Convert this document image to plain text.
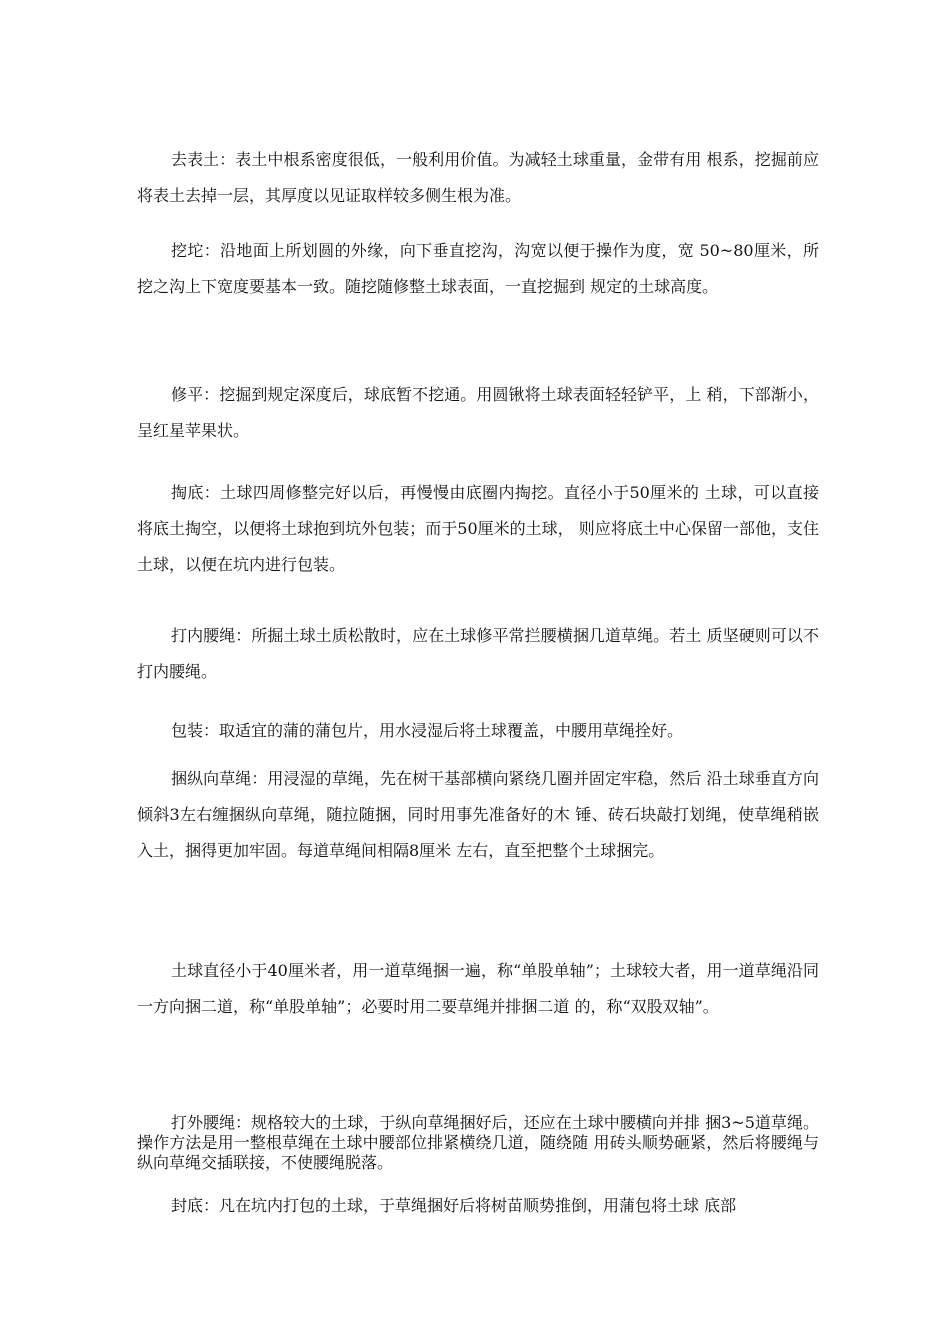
去表土：表土中根系密度很低，一般利用价值。为减轻土球重量，金带有用 根系，挖掘前应将表土去掉一层，其厚度以见证取样较多侧生根为准。

挖坨：沿地面上所划圆的外缘，向下垂直挖沟，沟宽以便于操作为度，宽 50~80厘米，所挖之沟上下宽度要基本一致。随挖随修整土球表面，一直挖掘到 规定的土球高度。

修平：挖掘到规定深度后，球底暂不挖通。用圆锹将土球表面轻轻铲平，上 稍，下部渐小，呈红星苹果状。

掏底：土球四周修整完好以后，再慢慢由底圈内掏挖。直径小于50厘米的 土球，可以直接将底土掏空，以便将土球抱到坑外包装；而于50厘米的土球， 则应将底土中心保留一部他，支住土球，以便在坑内进行包装。

打内腰绳：所掘土球土质松散时，应在土球修平常拦腰横捆几道草绳。若土 质坚硬则可以不打内腰绳。

包装：取适宜的蒲的蒲包片，用水浸湿后将土球覆盖，中腰用草绳拴好。

捆纵向草绳：用浸湿的草绳，先在树干基部横向紧绕几圈并固定牢稳，然后 沿土球垂直方向倾斜3左右缠捆纵向草绳，随拉随捆，同时用事先准备好的木 锤、砖石块敲打划绳，使草绳稍嵌入土，捆得更加牢固。每道草绳间相隔8厘米 左右，直至把整个土球捆完。

土球直径小于40厘米者，用一道草绳捆一遍，称“单股单轴”；土球较大者，用一道草绳沿同一方向捆二道，称“单股单轴”；必要时用二要草绳并排捆二道 的，称“双股双轴”。

打外腰绳：规格较大的土球，于纵向草绳捆好后，还应在土球中腰横向并排 捆3~5道草绳。操作方法是用一整根草绳在土球中腰部位排紧横绕几道，随绕随 用砖头顺势砸紧，然后将腰绳与纵向草绳交插联接，不使腰绳脱落。

封底：凡在坑内打包的土球，于草绳捆好后将树苗顺势推倒，用蒲包将土球 底部
